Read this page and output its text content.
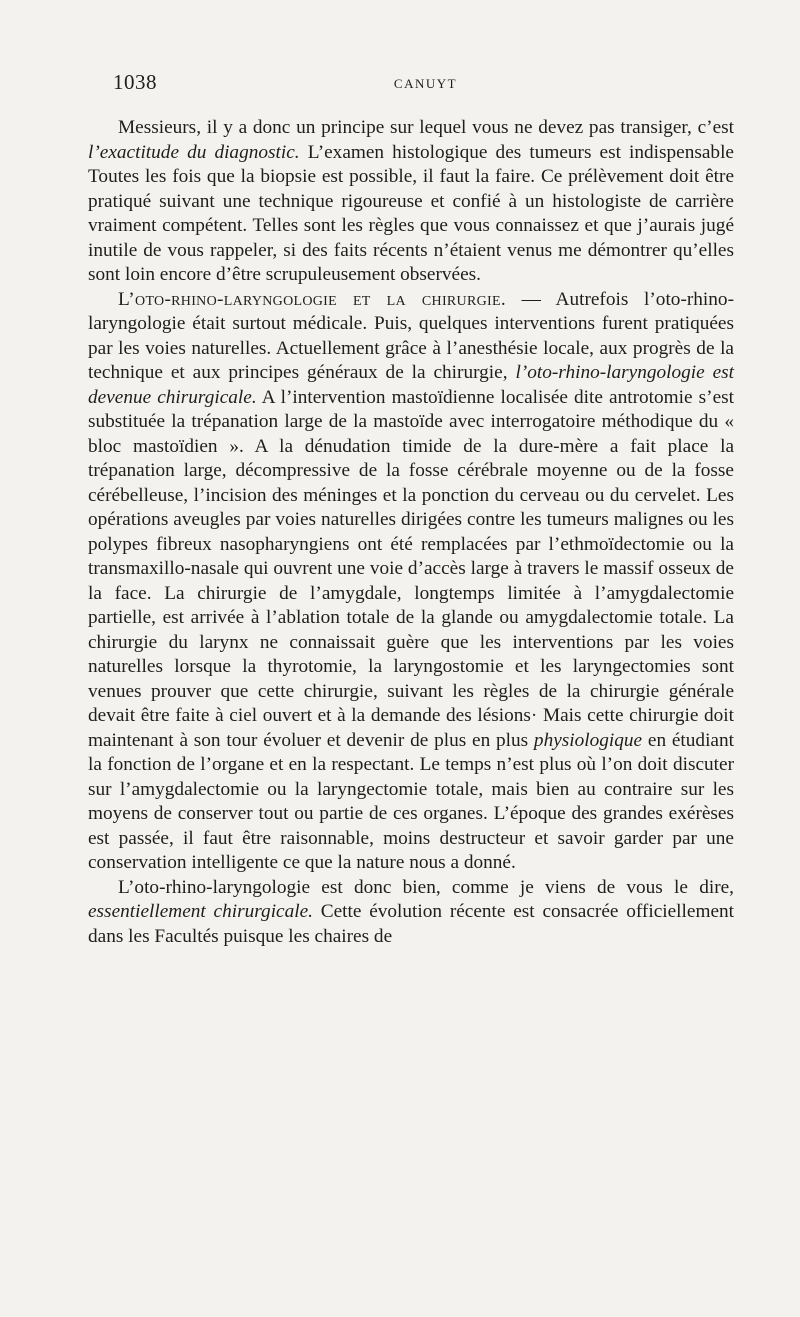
1038	CANUYT

Messieurs, il y a donc un principe sur lequel vous ne devez pas transiger, c’est l’exactitude du diagnostic. L’examen histologique des tumeurs est indispensable Toutes les fois que la biopsie est possible, il faut la faire. Ce prélèvement doit être pratiqué suivant une technique rigoureuse et confié à un histologiste de carrière vraiment compétent. Telles sont les règles que vous connaissez et que j’aurais jugé inutile de vous rappeler, si des faits récents n’étaient venus me démontrer qu’elles sont loin encore d’être scrupuleusement observées.

L’oto-rhino-laryngologie et la chirurgie. — Autrefois l’oto-rhino-laryngologie était surtout médicale. Puis, quelques interventions furent pratiquées par les voies naturelles. Actuellement grâce à l’anesthésie locale, aux progrès de la technique et aux principes généraux de la chirurgie, l’oto-rhino-laryngologie est devenue chirurgicale. A l’intervention mastoïdienne localisée dite antrotomie s’est substituée la trépanation large de la mastoïde avec interrogatoire méthodique du « bloc mastoïdien ». A la dénudation timide de la dure-mère a fait place la trépanation large, décompressive de la fosse cérébrale moyenne ou de la fosse cérébelleuse, l’incision des méninges et la ponction du cerveau ou du cervelet. Les opérations aveugles par voies naturelles dirigées contre les tumeurs malignes ou les polypes fibreux nasopharyngiens ont été remplacées par l’ethmoïdectomie ou la transmaxillo-nasale qui ouvrent une voie d’accès large à travers le massif osseux de la face. La chirurgie de l’amygdale, longtemps limitée à l’amygdalectomie partielle, est arrivée à l’ablation totale de la glande ou amygdalectomie totale. La chirurgie du larynx ne connaissait guère que les interventions par les voies naturelles lorsque la thyrotomie, la laryngostomie et les laryngectomies sont venues prouver que cette chirurgie, suivant les règles de la chirurgie générale devait être faite à ciel ouvert et à la demande des lésions· Mais cette chirurgie doit maintenant à son tour évoluer et devenir de plus en plus physiologique en étudiant la fonction de l’organe et en la respectant. Le temps n’est plus où l’on doit discuter sur l’amygdalectomie ou la laryngectomie totale, mais bien au contraire sur les moyens de conserver tout ou partie de ces organes. L’époque des grandes exérèses est passée, il faut être raisonnable, moins destructeur et savoir garder par une conservation intelligente ce que la nature nous a donné.

L’oto-rhino-laryngologie est donc bien, comme je viens de vous le dire, essentiellement chirurgicale. Cette évolution récente est consacrée officiellement dans les Facultés puisque les chaires de
